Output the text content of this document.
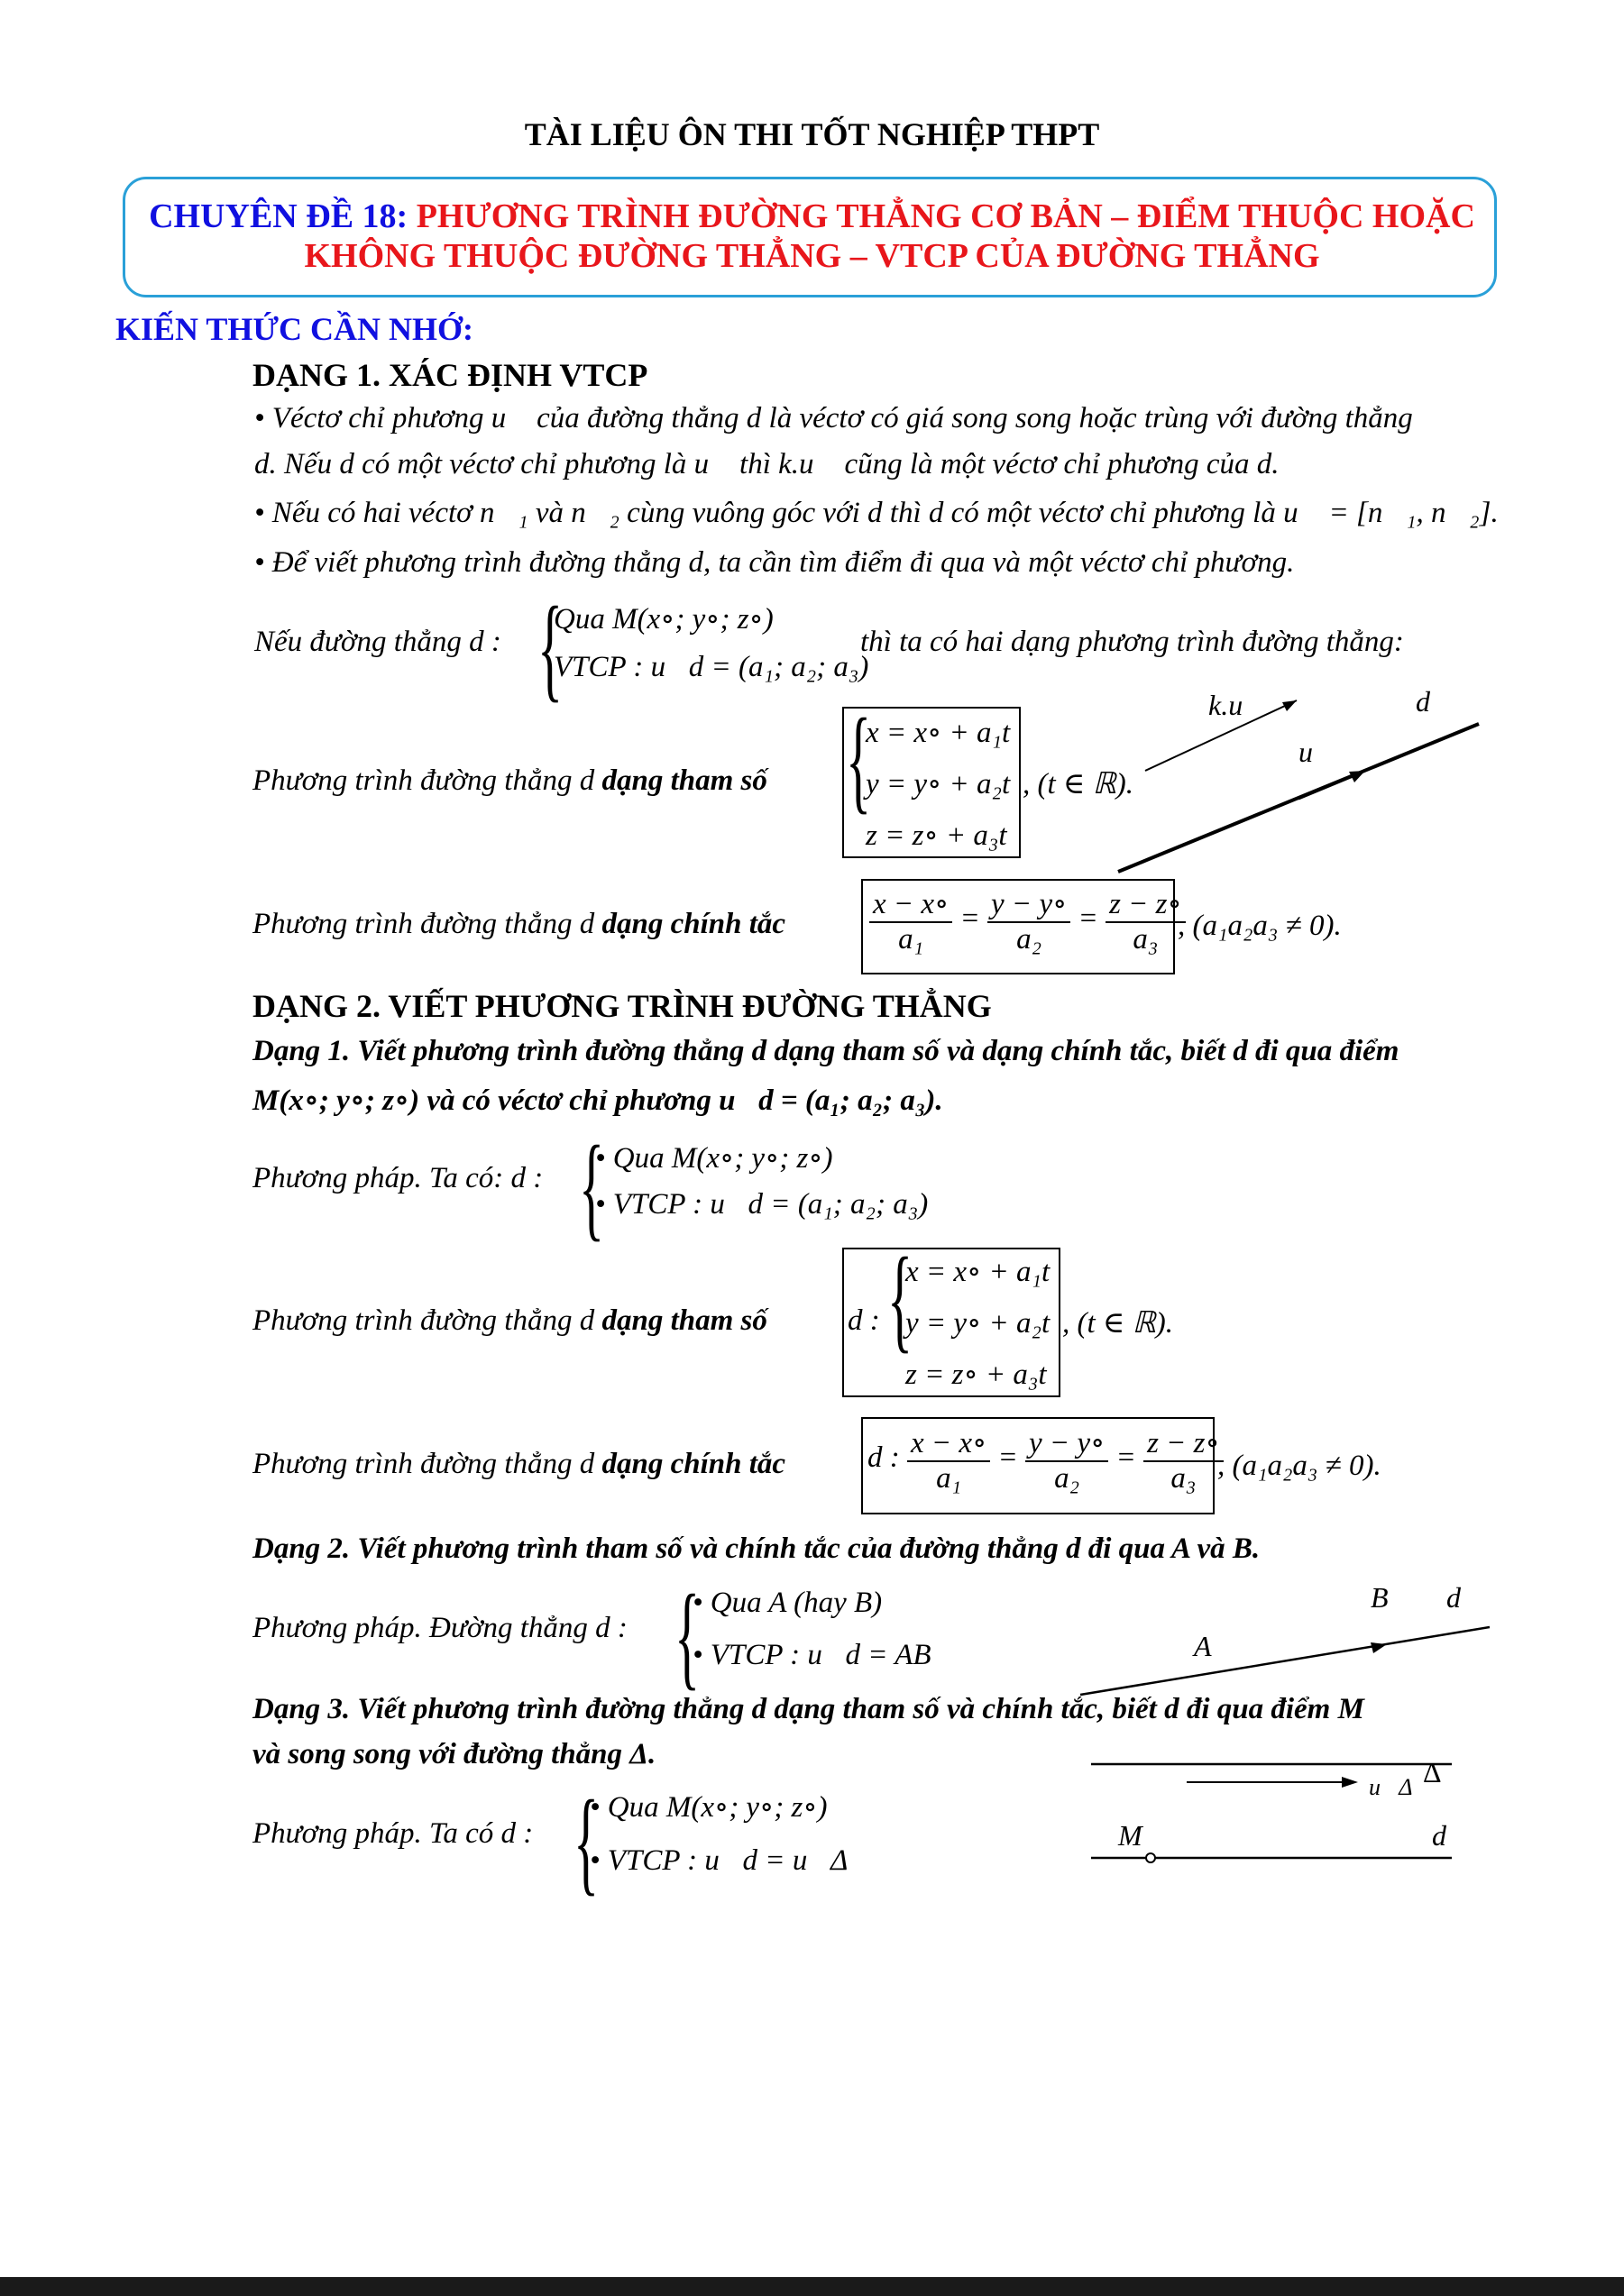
TÀI LIỆU ÔN THI TỐT NGHIỆP THPT
CHUYÊN ĐỀ 18: PHƯƠNG TRÌNH ĐƯỜNG THẲNG CƠ BẢN – ĐIỂM THUỘC HOẶC
KHÔNG THUỘC ĐƯỜNG THẲNG – VTCP CỦA ĐƯỜNG THẲNG
KIẾN THỨC CẦN NHỚ:
DẠNG 1. XÁC ĐỊNH VTCP
• Véctơ chỉ phương u⃗ của đường thẳng d là véctơ có giá song song hoặc trùng với đường thẳng
d. Nếu d có một véctơ chỉ phương là u⃗ thì k.u⃗ cũng là một véctơ chỉ phương của d.
• Nếu có hai véctơ n⃗₁ và n⃗₂ cùng vuông góc với d thì d có một véctơ chỉ phương là u⃗ = [n⃗₁, n⃗₂].
• Để viết phương trình đường thẳng d, ta cần tìm điểm đi qua và một véctơ chỉ phương.
Nếu đường thẳng d : {
Qua M(x∘; y∘; z∘)
VTCP : u⃗d = (a₁; a₂; a₃)
thì ta có hai dạng phương trình đường thẳng:
Phương trình đường thẳng d dạng tham số {
x = x∘ + a₁t
y = y∘ + a₂t
z = z∘ + a₃t
, (t ∈ ℝ).
Phương trình đường thẳng d dạng chính tắc	$\frac{x - x\circ}{\text{a₁}} = \frac{y - y\circ}{\text{a₂}} = \frac{z - z\circ}{\text{a₃}}$
, (a₁a₂a₃ ≠ 0).
k.u⃗
u⃗
d
DẠNG 2. VIẾT PHƯƠNG TRÌNH ĐƯỜNG THẲNG
Dạng 1. Viết phương trình đường thẳng d dạng tham số và dạng chính tắc, biết d đi qua điểm
M(x∘; y∘; z∘) và có véctơ chỉ phương u⃗d = (a₁; a₂; a₃).
Phương pháp. Ta có: d : {
• Qua M(x∘; y∘; z∘)
• VTCP : u⃗d = (a₁; a₂; a₃)
Phương trình đường thẳng d dạng tham số	d : {
x = x∘ + a₁t
y = y∘ + a₂t
z = z∘ + a₃t
, (t ∈ ℝ).
Phương trình đường thẳng d dạng chính tắc	d : $\frac{x - x\circ}{\text{a₁}} = \frac{y - y\circ}{\text{a₂}} = \frac{z - z\circ}{\text{a₃}}$
, (a₁a₂a₃ ≠ 0).
Dạng 2. Viết phương trình tham số và chính tắc của đường thẳng d đi qua A và B.
Phương pháp. Đường thẳng d : {
• Qua A (hay B)
• VTCP : u⃗d = AB⃗	A
B d
Dạng 3. Viết phương trình đường thẳng d dạng tham số và chính tắc, biết d đi qua điểm M
và song song với đường thẳng Δ.
Phương pháp. Ta có d : {
• Qua M(x∘; y∘; z∘)
• VTCP : u⃗d = u⃗Δ
u⃗Δ Δ
M	d
